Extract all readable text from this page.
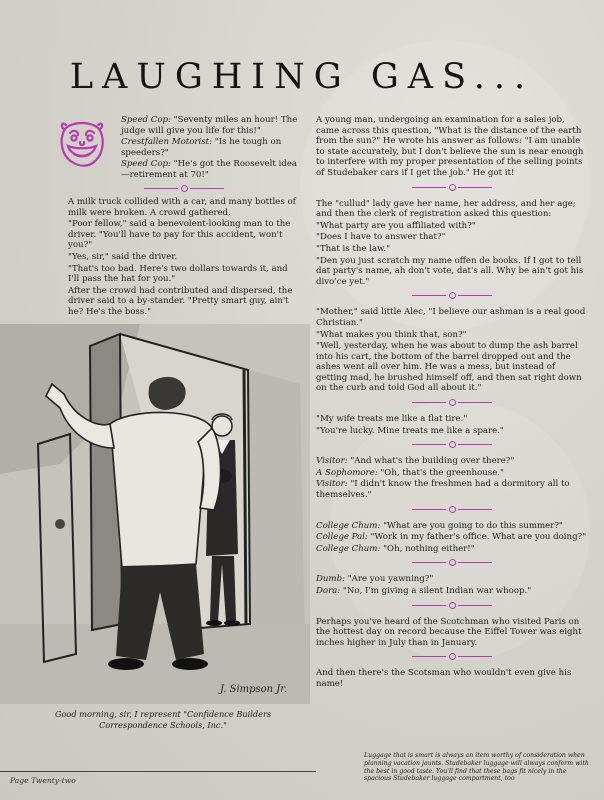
LAUGHING GAS...

Speed Cop: "Seventy miles an hour! The judge will give you life for this!"

Crestfallen Motorist: "Is he tough on speeders?"

Speed Cop: "He's got the Roosevelt idea—retirement at 70!"

A milk truck collided with a car, and many bottles of milk were broken. A crowd gathered.

"Poor fellow," said a benevolent-looking man to the driver. "You'll have to pay for this accident, won't you?"

"Yes, sir," said the driver.

"That's too bad. Here's two dollars towards it, and I'll pass the hat for you."

After the crowd had contributed and dispersed, the driver said to a by-stander. "Pretty smart guy, ain't he? He's the boss."

J. Simpson Jr.
Good morning, sir, I represent "Confidence Builders Correspondence Schools, Inc."

A young man, undergoing an examination for a sales job, came across this question, "What is the distance of the earth from the sun?" He wrote his answer as follows: "I am unable to state accurately, but I don't believe the sun is near enough to interfere with my proper presentation of the selling points of Studebaker cars if I get the job." He got it!

The "cullud" lady gave her name, her address, and her age; and then the clerk of registration asked this question:

"What party are you affiliated with?"

"Does I have to answer that?"

"That is the law."

"Den you just scratch my name offen de books. If I got to tell dat party's name, ah don't vote, dat's all. Why be ain't got his divo'ce yet."

"Mother," said little Alec, "I believe our ashman is a real good Christian."

"What makes you think that, son?"

"Well, yesterday, when he was about to dump the ash barrel into his cart, the bottom of the barrel dropped out and the ashes went all over him. He was a mess, but instead of getting mad, he brushed himself off, and then sat right down on the curb and told God all about it."

"My wife treats me like a flat tire."

"You're lucky. Mine treats me like a spare."

Visitor: "And what's the building over there?"

A Sophomore: "Oh, that's the greenhouse."

Visitor: "I didn't know the freshmen had a dormitory all to themselves."

College Chum: "What are you going to do this summer?"

College Pal: "Work in my father's office. What are you doing?"

College Chum: "Oh, nothing either!"

Dumb: "Are you yawning?"

Dora: "No, I'm giving a silent Indian war whoop."

Perhaps you've heard of the Scotchman who visited Paris on the hottest day on record because the Eiffel Tower was eight inches higher in July than in January.

And then there's the Scotsman who wouldn't even give his name!

Luggage that is smart is always an item worthy of consideration when planning vacation jaunts. Studebaker luggage will always conform with the best in good taste. You'll find that these bags fit nicely in the spacious Studebaker luggage compartment, too
Page Twenty-two
